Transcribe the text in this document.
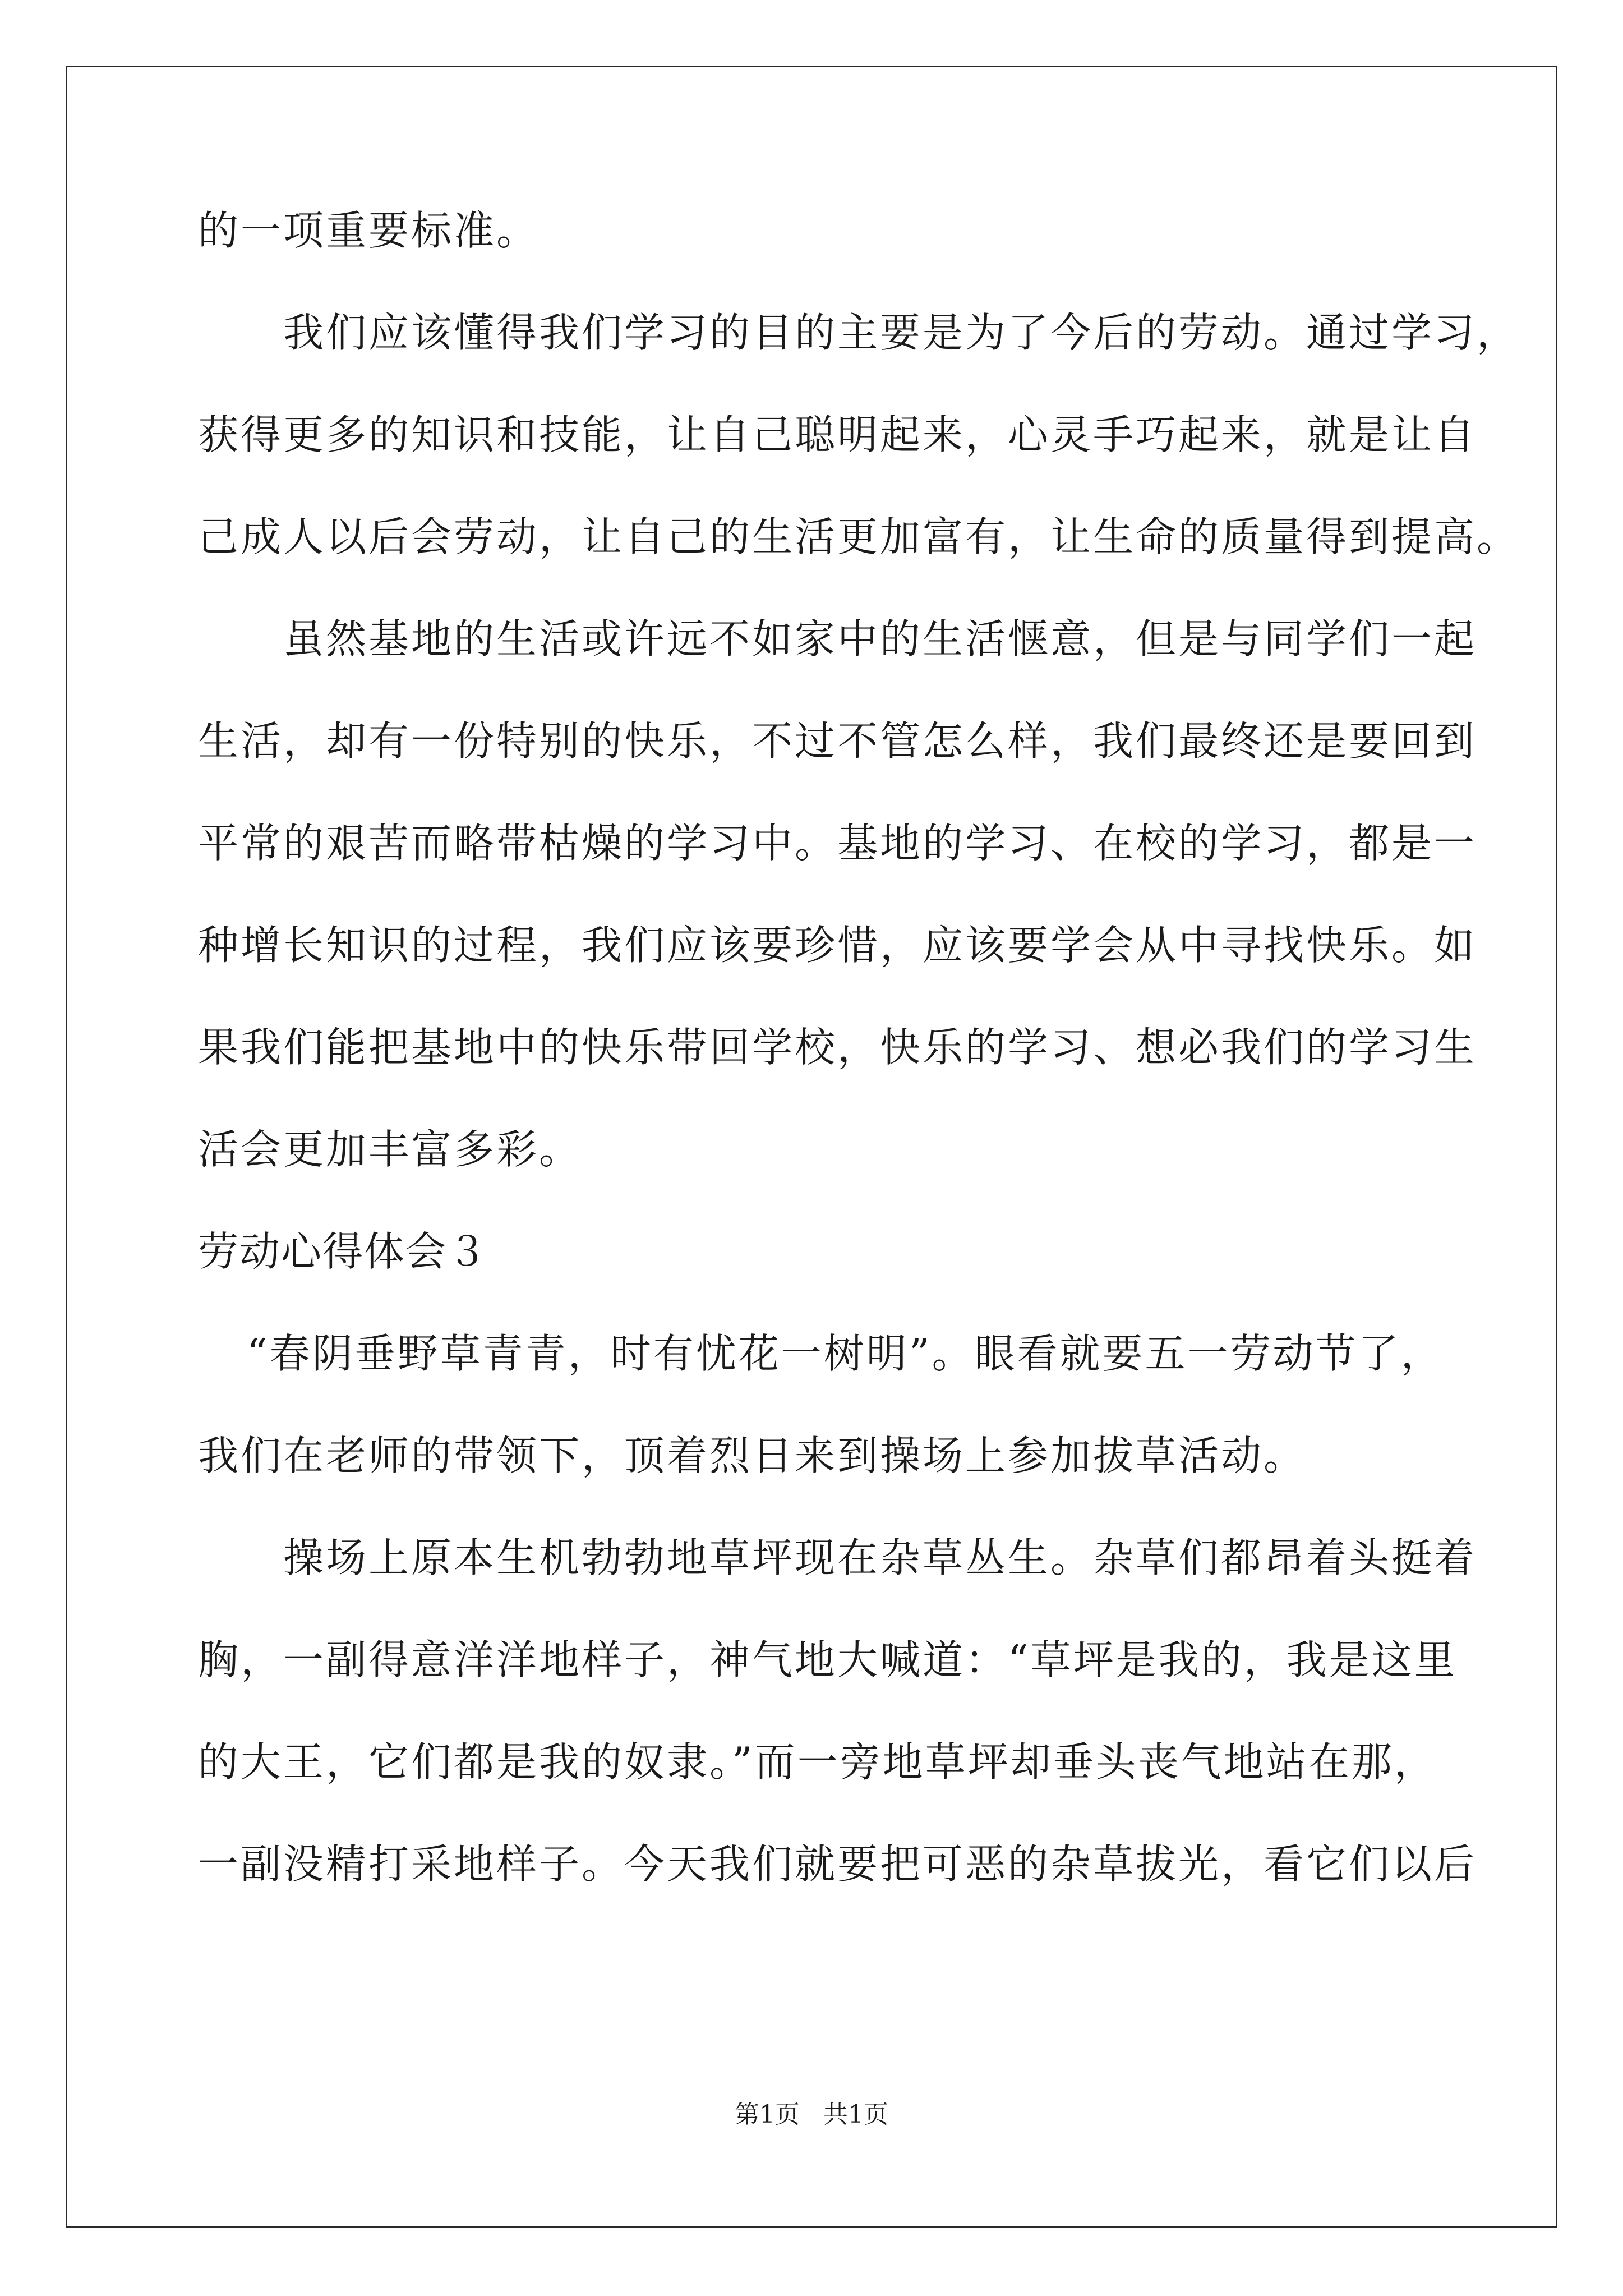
的一项重要标准。
我们应该懂得我们学习的目的主要是为了今后的劳动。通过学习，
获得更多的知识和技能，让自己聪明起来，心灵手巧起来，就是让自
己成人以后会劳动，让自己的生活更加富有，让生命的质量得到提高。
虽然基地的生活或许远不如家中的生活惬意，但是与同学们一起
生活，却有一份特别的快乐，不过不管怎么样，我们最终还是要回到
平常的艰苦而略带枯燥的学习中。基地的学习、在校的学习，都是一
种增长知识的过程，我们应该要珍惜，应该要学会从中寻找快乐。如
果我们能把基地中的快乐带回学校，快乐的学习、想必我们的学习生
活会更加丰富多彩。
劳动心得体会３
“春阴垂野草青青，时有忧花一树明”。眼看就要五一劳动节了，
我们在老师的带领下，顶着烈日来到操场上参加拔草活动。
操场上原本生机勃勃地草坪现在杂草丛生。杂草们都昂着头挺着
胸，一副得意洋洋地样子，神气地大喊道：“草坪是我的，我是这里
的大王，它们都是我的奴隶。”而一旁地草坪却垂头丧气地站在那，
一副没精打采地样子。今天我们就要把可恶的杂草拔光，看它们以后
第1页   共1页
